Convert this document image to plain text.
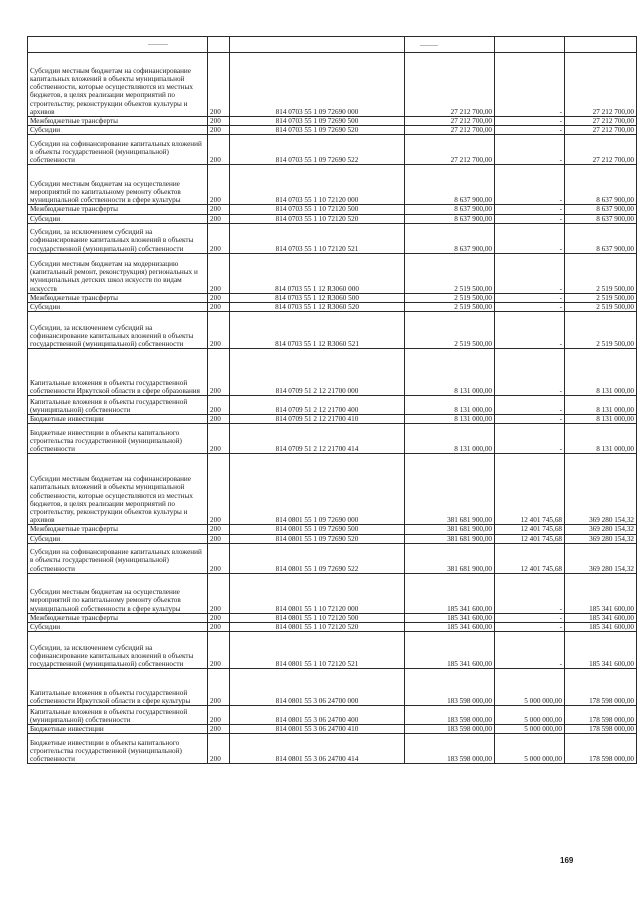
Субсидии местным бюджетам на софинансирование капитальных вложений в объекты муниципальной собственности, которые осуществляются из местных бюджетов, в целях реализации мероприятий по строительству, реконструкции объектов культуры и архивов	200	814 0703 55 1 09 72690 000	27 212 700,00	-	27 212 700,00
Межбюджетные трансферты	200	814 0703 55 1 09 72690 500	27 212 700,00	-	27 212 700,00
Субсидии	200	814 0703 55 1 09 72690 520	27 212 700,00	-	27 212 700,00
Субсидии на софинансирование капитальных вложений в объекты государственной (муниципальной) собственности	200	814 0703 55 1 09 72690 522	27 212 700,00	-	27 212 700,00
Субсидии местным бюджетам на осуществление мероприятий по капитальному ремонту объектов муниципальной собственности в сфере культуры	200	814 0703 55 1 10 72120 000	8 637 900,00	-	8 637 900,00
Межбюджетные трансферты	200	814 0703 55 1 10 72120 500	8 637 900,00	-	8 637 900,00
Субсидии	200	814 0703 55 1 10 72120 520	8 637 900,00	-	8 637 900,00
Субсидии, за исключением субсидий на софинансирование капитальных вложений в объекты государственной (муниципальной) собственности	200	814 0703 55 1 10 72120 521	8 637 900,00	-	8 637 900,00
Субсидии местным бюджетам на модернизацию (капитальный ремонт, реконструкция) региональных и муниципальных детских школ искусств по видам искусств	200	814 0703 55 1 12 R3060 000	2 519 500,00	-	2 519 500,00
Межбюджетные трансферты	200	814 0703 55 1 12 R3060 500	2 519 500,00	-	2 519 500,00
Субсидии	200	814 0703 55 1 12 R3060 520	2 519 500,00	-	2 519 500,00
Субсидии, за исключением субсидий на софинансирование капитальных вложений в объекты государственной (муниципальной) собственности	200	814 0703 55 1 12 R3060 521	2 519 500,00	-	2 519 500,00
Капитальные вложения в объекты государственной собственности Иркутской области в сфере образования	200	814 0709 51 2 12 21700 000	8 131 000,00	-	8 131 000,00
Капитальные вложения в объекты государственной (муниципальной) собственности	200	814 0709 51 2 12 21700 400	8 131 000,00	-	8 131 000,00
Бюджетные инвестиции	200	814 0709 51 2 12 21700 410	8 131 000,00	-	8 131 000,00
Бюджетные инвестиции в объекты капитального строительства государственной (муниципальной) собственности	200	814 0709 51 2 12 21700 414	8 131 000,00	-	8 131 000,00
Субсидии местным бюджетам на софинансирование капитальных вложений в объекты муниципальной собственности, которые осуществляются из местных бюджетов, в целях реализации мероприятий по строительству, реконструкции объектов культуры и архивов	200	814 0801 55 1 09 72690 000	381 681 900,00	12 401 745,68	369 280 154,32
Межбюджетные трансферты	200	814 0801 55 1 09 72690 500	381 681 900,00	12 401 745,68	369 280 154,32
Субсидии	200	814 0801 55 1 09 72690 520	381 681 900,00	12 401 745,68	369 280 154,32
Субсидии на софинансирование капитальных вложений в объекты государственной (муниципальной) собственности	200	814 0801 55 1 09 72690 522	381 681 900,00	12 401 745,68	369 280 154,32
Субсидии местным бюджетам на осуществление мероприятий по капитальному ремонту объектов муниципальной собственности в сфере культуры	200	814 0801 55 1 10 72120 000	185 341 600,00	-	185 341 600,00
Межбюджетные трансферты	200	814 0801 55 1 10 72120 500	185 341 600,00	-	185 341 600,00
Субсидии	200	814 0801 55 1 10 72120 520	185 341 600,00	-	185 341 600,00
Субсидии, за исключением субсидий на софинансирование капитальных вложений в объекты государственной (муниципальной) собственности	200	814 0801 55 1 10 72120 521	185 341 600,00	-	185 341 600,00
Капитальные вложения в объекты государственной собственности Иркутской области в сфере культуры	200	814 0801 55 3 06 24700 000	183 598 000,00	5 000 000,00	178 598 000,00
Капитальные вложения в объекты государственной (муниципальной) собственности	200	814 0801 55 3 06 24700 400	183 598 000,00	5 000 000,00	178 598 000,00
Бюджетные инвестиции	200	814 0801 55 3 06 24700 410	183 598 000,00	5 000 000,00	178 598 000,00
Бюджетные инвестиции в объекты капитального строительства государственной (муниципальной) собственности	200	814 0801 55 3 06 24700 414	183 598 000,00	5 000 000,00	178 598 000,00
169
